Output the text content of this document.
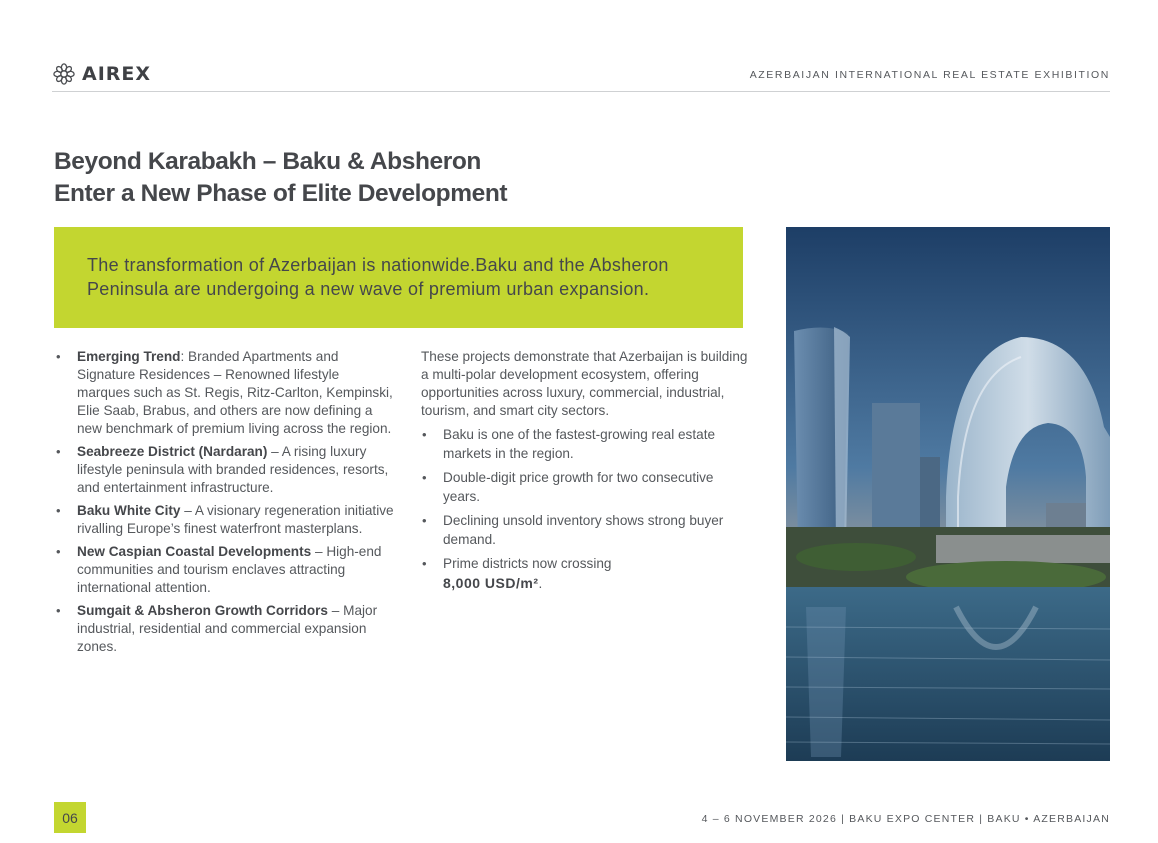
AIREX	AZERBAIJAN INTERNATIONAL REAL ESTATE EXHIBITION
Beyond Karabakh – Baku & Absheron
Enter a New Phase of Elite Development

The transformation of Azerbaijan is nationwide.Baku and the Absheron Peninsula are undergoing a new wave of premium urban expansion.

• Emerging Trend: Branded Apartments and Signature Residences – Renowned lifestyle marques such as St. Regis, Ritz-Carlton, Kempinski, Elie Saab, Brabus, and others are now defining a new benchmark of premium living across the region.
• Seabreeze District (Nardaran) – A rising luxury lifestyle peninsula with branded residences, resorts, and entertainment infrastructure.
• Baku White City – A visionary regeneration initiative rivalling Europe’s finest waterfront masterplans.
• New Caspian Coastal Developments – High-end communities and tourism enclaves attracting international attention.
• Sumgait & Absheron Growth Corridors – Major industrial, residential and commercial expansion zones.

These projects demonstrate that Azerbaijan is building a multi-polar development ecosystem, offering opportunities across luxury, commercial, industrial, tourism, and smart city sectors.

• Baku is one of the fastest-growing real estate markets in the region.
• Double-digit price growth for two consecutive years.
• Declining unsold inventory shows strong buyer demand.
• Prime districts now crossing
8,000 USD/m².
06	4 – 6 NOVEMBER 2026 | BAKU EXPO CENTER | BAKU • AZERBAIJAN
